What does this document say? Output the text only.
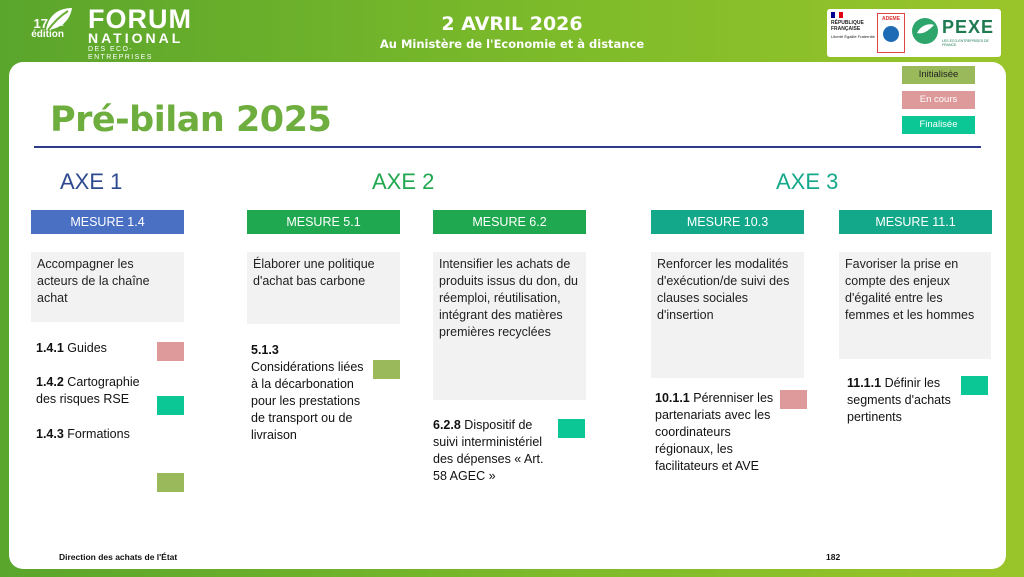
17
édition
FORUM
NATIONAL
DES ECO-ENTREPRISES
2 AVRIL 2026
Au Ministère de l'Economie et à distance
RÉPUBLIQUE
FRANÇAISE
Liberté Égalité Fraternité
ADEME PEXE
LES ECO-ENTREPRISES DE FRANCE
Initialisée
En cours
Finalisée
Pré-bilan 2025
AXE 1	AXE 2	AXE 3
MESURE 1.4
Accompagner les acteurs de la chaîne achat
1.4.1 Guides
1.4.2 Cartographie des risques RSE
1.4.3 Formations
MESURE 5.1
Élaborer une politique d'achat bas carbone
5.1.3
Considérations liées à la décarbonation pour les prestations de transport ou de livraison
MESURE 6.2
Intensifier les achats de produits issus du don, du réemploi, réutilisation, intégrant des matières premières recyclées
6.2.8 Dispositif de suivi interministériel des dépenses « Art. 58 AGEC »
MESURE 10.3
Renforcer les modalités d'exécution/de suivi des clauses sociales d'insertion
10.1.1 Pérenniser les partenariats avec les coordinateurs régionaux, les facilitateurs et AVE
MESURE 11.1
Favoriser la prise en compte des enjeux d'égalité entre les femmes et les hommes
11.1.1 Définir les segments d'achats pertinents
Direction des achats de l'État	182
